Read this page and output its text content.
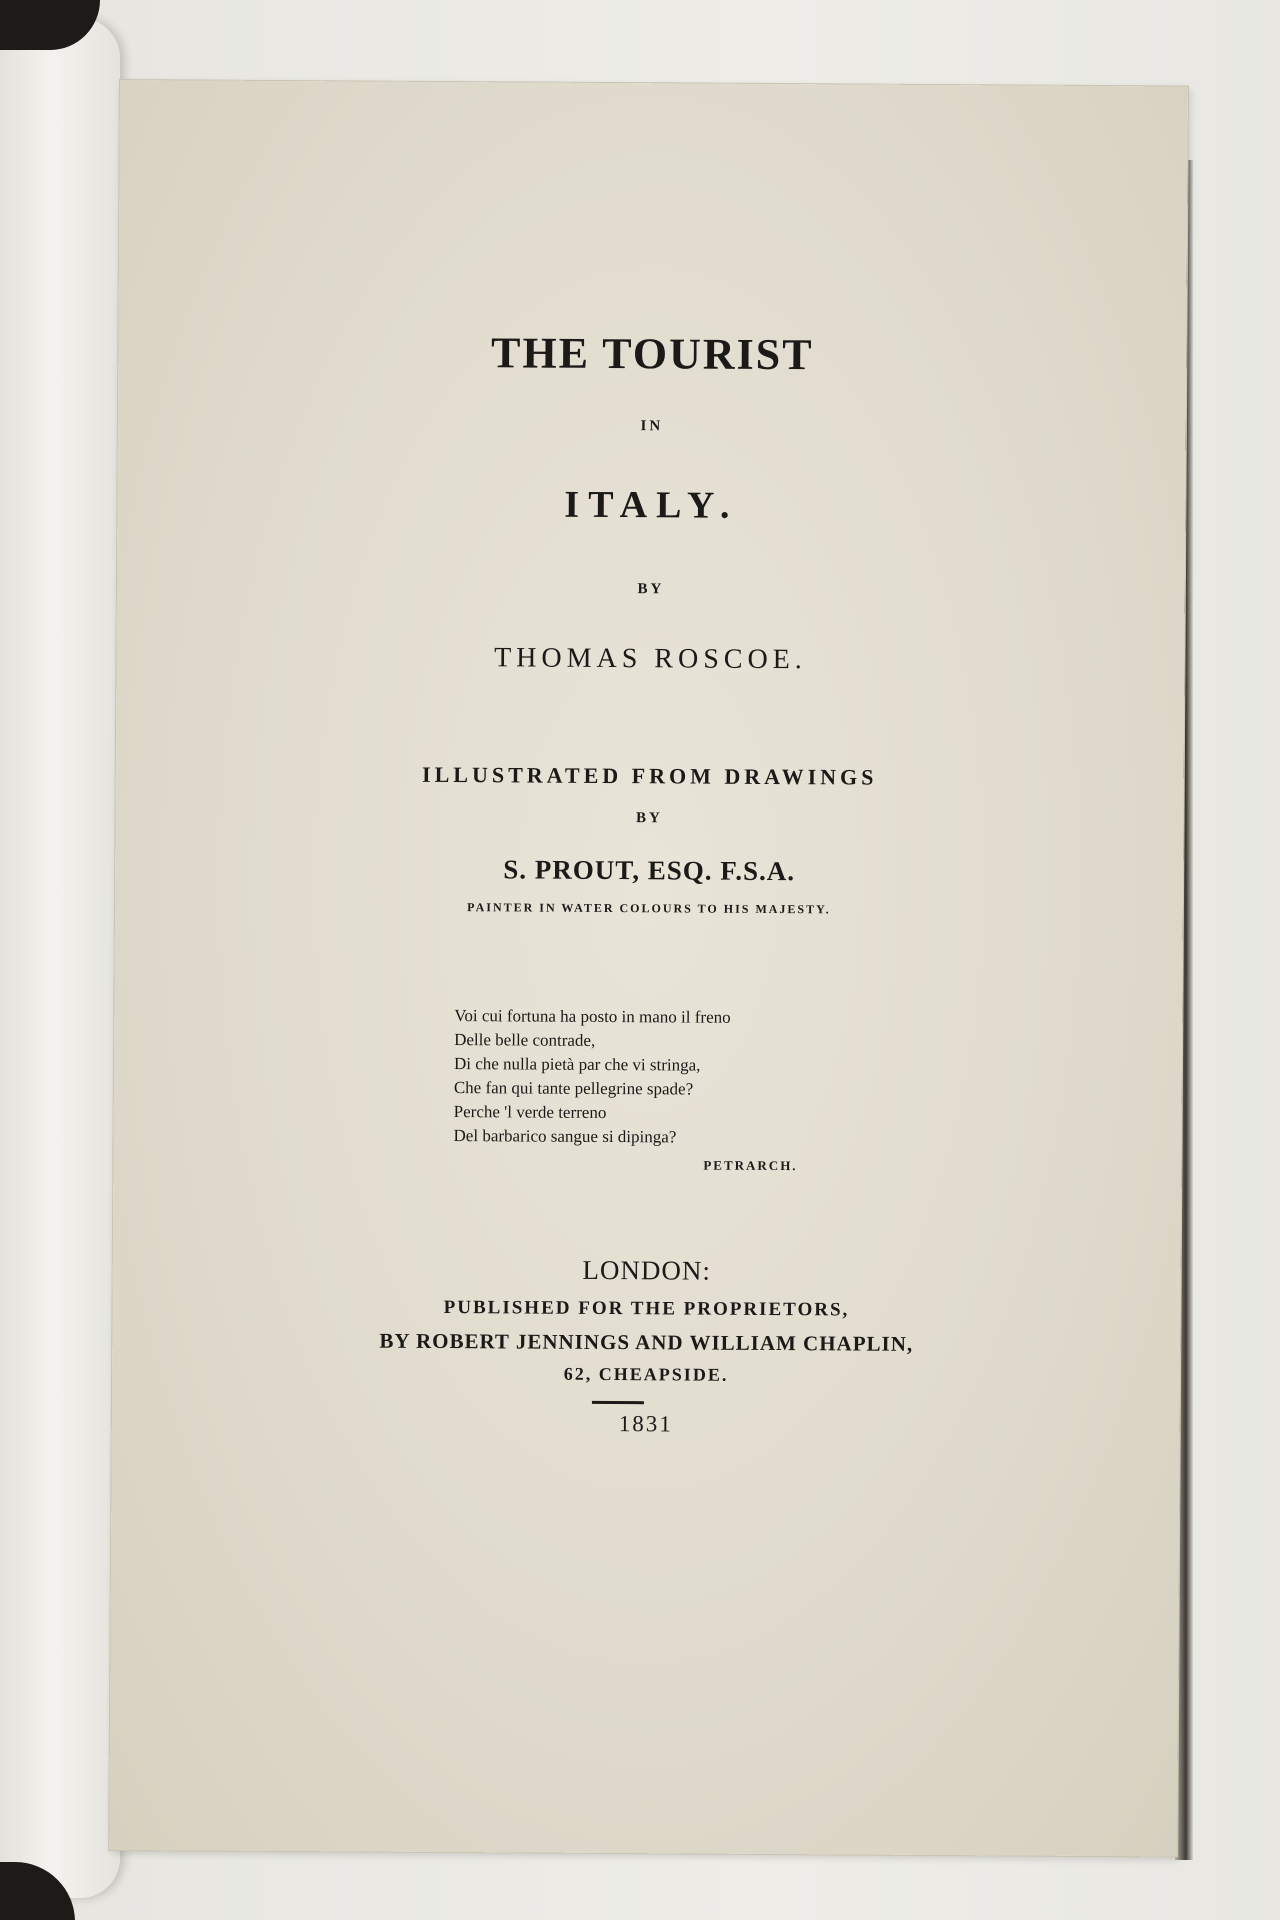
THE TOURIST
IN
ITALY.
BY
THOMAS ROSCOE.
ILLUSTRATED FROM DRAWINGS
BY
S. PROUT, ESQ. F.S.A.
PAINTER IN WATER COLOURS TO HIS MAJESTY.
Voi cui fortuna ha posto in mano il freno
Delle belle contrade,
Di che nulla pietà par che vi stringa,
Che fan qui tante pellegrine spade?
Perche 'l verde terreno
Del barbarico sangue si dipinga?
PETRARCH.
LONDON:
PUBLISHED FOR THE PROPRIETORS,
BY ROBERT JENNINGS AND WILLIAM CHAPLIN,
62, CHEAPSIDE.
1831
